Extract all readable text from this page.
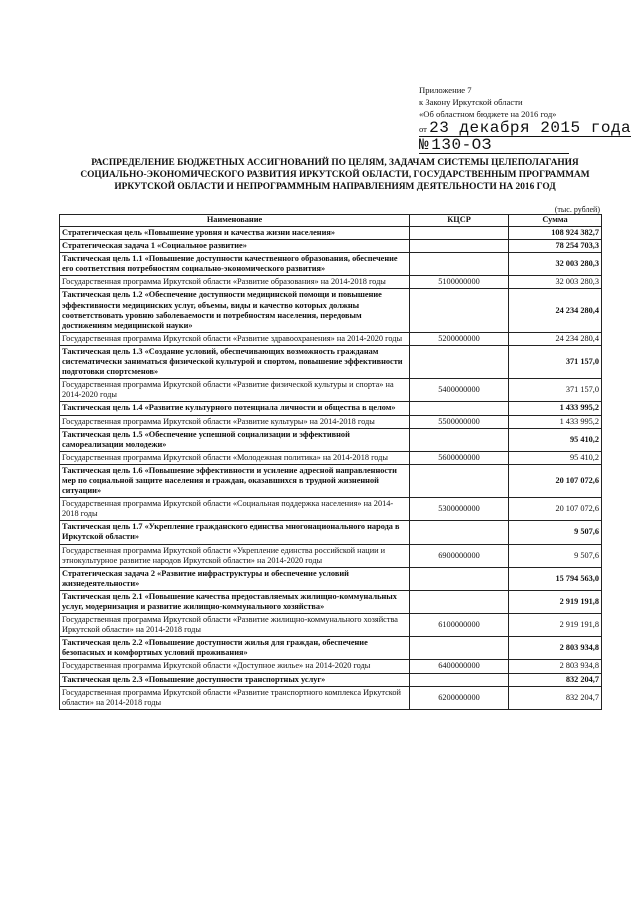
Приложение 7
к Закону Иркутской области
«Об областном бюджете на 2016 год»
от 23 декабря 2015 года № 130-ОЗ
РАСПРЕДЕЛЕНИЕ БЮДЖЕТНЫХ АССИГНОВАНИЙ ПО ЦЕЛЯМ, ЗАДАЧАМ СИСТЕМЫ ЦЕЛЕПОЛАГАНИЯ СОЦИАЛЬНО-ЭКОНОМИЧЕСКОГО РАЗВИТИЯ ИРКУТСКОЙ ОБЛАСТИ, ГОСУДАРСТВЕННЫМ ПРОГРАММАМ ИРКУТСКОЙ ОБЛАСТИ И НЕПРОГРАММНЫМ НАПРАВЛЕНИЯМ ДЕЯТЕЛЬНОСТИ НА 2016 ГОД
(тыс. рублей)
Наименование	КЦСР	Сумма
Стратегическая цель «Повышение уровня и качества жизни населения»		108 924 382,7
Стратегическая задача 1 «Социальное развитие»		78 254 703,3
Тактическая цель 1.1 «Повышение доступности качественного образования, обеспечение его соответствия потребностям социально-экономического развития»		32 003 280,3
Государственная программа Иркутской области «Развитие образования» на 2014-2018 годы	5100000000	32 003 280,3
Тактическая цель 1.2 «Обеспечение доступности медицинской помощи и повышение эффективности медицинских услуг, объемы, виды и качество которых должны соответствовать уровню заболеваемости и потребностям населения, передовым достижениям медицинской науки»		24 234 280,4
Государственная программа Иркутской области «Развитие здравоохранения» на 2014-2020 годы	5200000000	24 234 280,4
Тактическая цель 1.3 «Создание условий, обеспечивающих возможность гражданам систематически заниматься физической культурой и спортом, повышение эффективности подготовки спортсменов»		371 157,0
Государственная программа Иркутской области «Развитие физической культуры и спорта» на 2014-2020 годы	5400000000	371 157,0
Тактическая цель 1.4 «Развитие культурного потенциала личности и общества в целом»		1 433 995,2
Государственная программа Иркутской области «Развитие культуры» на 2014-2018 годы	5500000000	1 433 995,2
Тактическая цель 1.5 «Обеспечение успешной социализации и эффективной самореализации молодежи»		95 410,2
Государственная программа Иркутской области «Молодежная политика» на 2014-2018 годы	5600000000	95 410,2
Тактическая цель 1.6 «Повышение эффективности и усиление адресной направленности мер по социальной защите населения и граждан, оказавшихся в трудной жизненной ситуации»		20 107 072,6
Государственная программа Иркутской области «Социальная поддержка населения» на 2014-2018 годы	5300000000	20 107 072,6
Тактическая цель 1.7 «Укрепление гражданского единства многонационального народа в Иркутской области»		9 507,6
Государственная программа Иркутской области «Укрепление единства российской нации и этнокультурное развитие народов Иркутской области» на 2014-2020 годы	6900000000	9 507,6
Стратегическая задача 2 «Развитие инфраструктуры и обеспечение условий жизнедеятельности»		15 794 563,0
Тактическая цель 2.1 «Повышение качества предоставляемых жилищно-коммунальных услуг, модернизация и развитие жилищно-коммунального хозяйства»		2 919 191,8
Государственная программа Иркутской области «Развитие жилищно-коммунального хозяйства Иркутской области» на 2014-2018 годы	6100000000	2 919 191,8
Тактическая цель 2.2 «Повышение доступности жилья для граждан, обеспечение безопасных и комфортных условий проживания»		2 803 934,8
Государственная программа Иркутской области «Доступное жилье» на 2014-2020 годы	6400000000	2 803 934,8
Тактическая цель 2.3 «Повышение доступности транспортных услуг»		832 204,7
Государственная программа Иркутской области «Развитие транспортного комплекса Иркутской области» на 2014-2018 годы	6200000000	832 204,7
